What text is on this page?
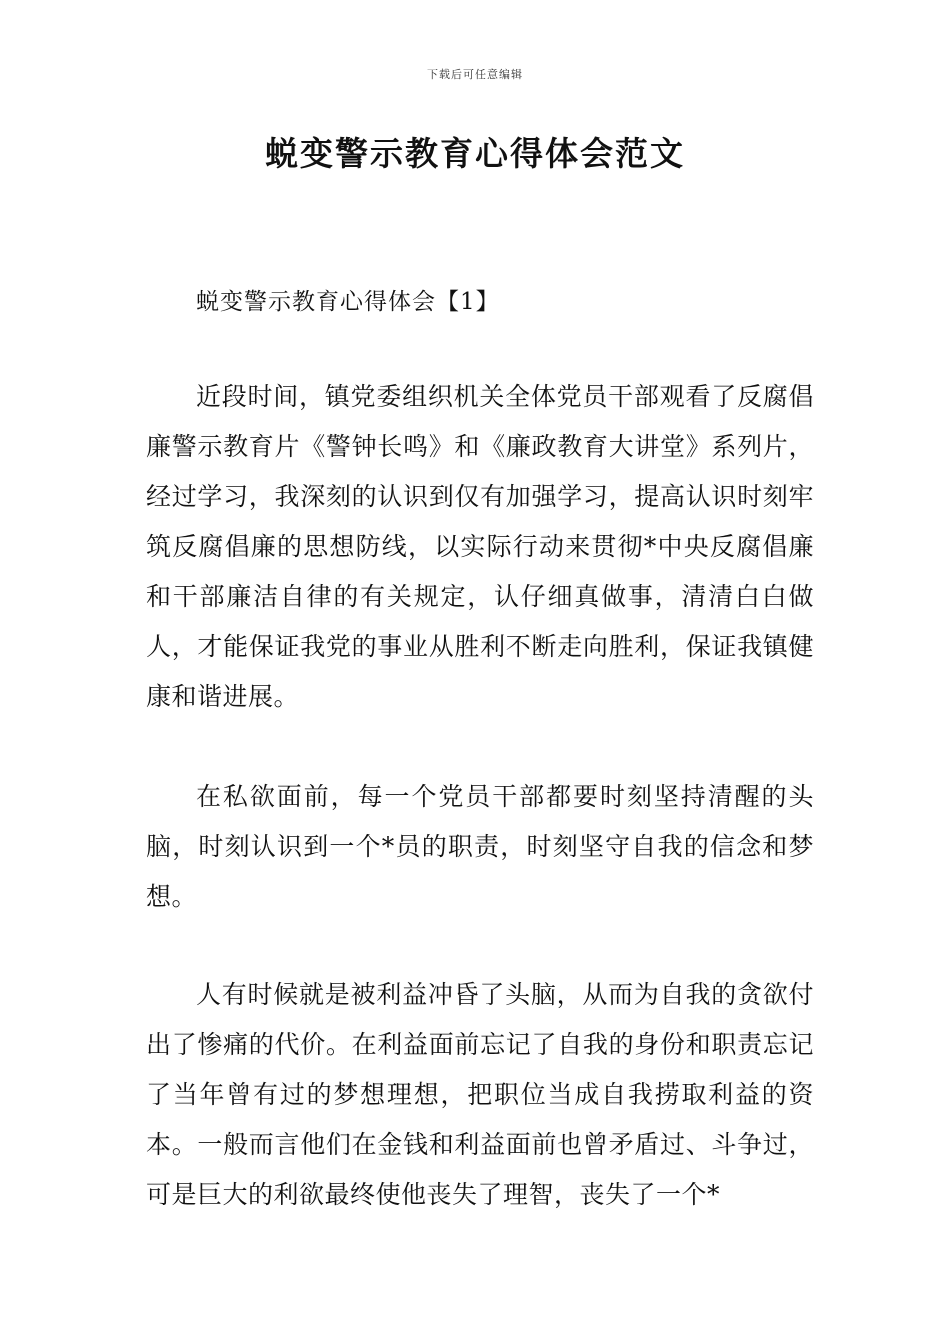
下载后可任意编辑
蜕变警示教育心得体会范文
蜕变警示教育心得体会【1】

近段时间，镇党委组织机关全体党员干部观看了反腐倡廉警示教育片《警钟长鸣》和《廉政教育大讲堂》系列片，经过学习，我深刻的认识到仅有加强学习，提高认识时刻牢筑反腐倡廉的思想防线，以实际行动来贯彻*中央反腐倡廉和干部廉洁自律的有关规定，认仔细真做事，清清白白做人，才能保证我党的事业从胜利不断走向胜利，保证我镇健康和谐进展。

在私欲面前，每一个党员干部都要时刻坚持清醒的头脑，时刻认识到一个*员的职责，时刻坚守自我的信念和梦想。

人有时候就是被利益冲昏了头脑，从而为自我的贪欲付出了惨痛的代价。在利益面前忘记了自我的身份和职责忘记了当年曾有过的梦想理想，把职位当成自我捞取利益的资本。一般而言他们在金钱和利益面前也曾矛盾过、斗争过，可是巨大的利欲最终使他丧失了理智，丧失了一个*
